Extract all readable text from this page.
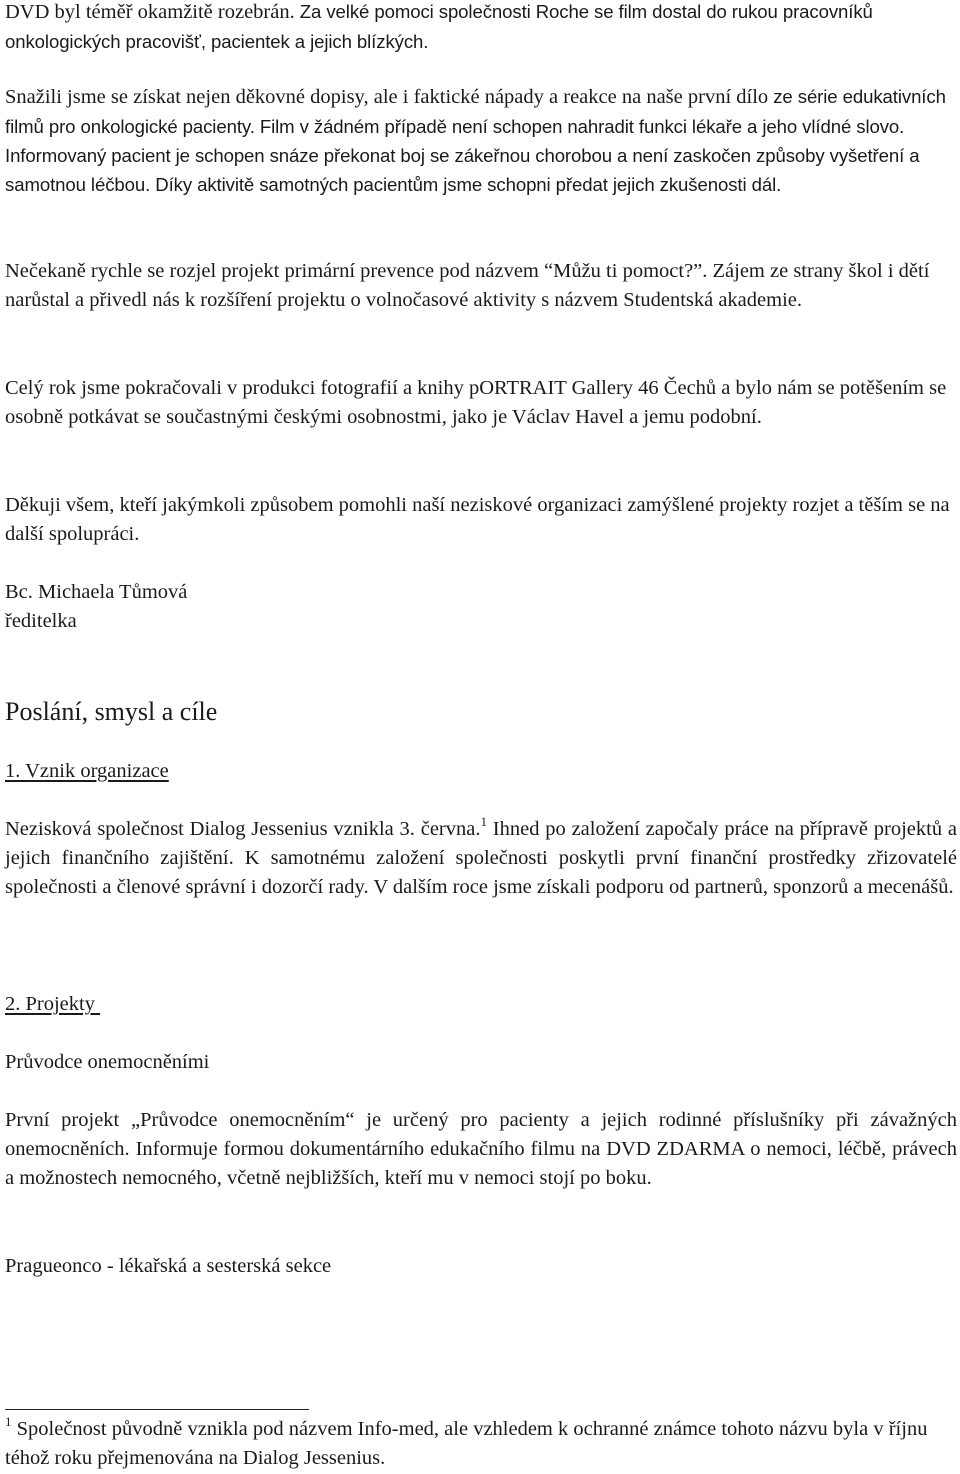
DVD byl téměř okamžitě rozebrán. Za velké pomoci společnosti Roche se film dostal do rukou pracovníků onkologických pracovišť, pacientek a jejich blízkých.

Snažili jsme se získat nejen děkovné dopisy, ale i faktické nápady a reakce na naše první dílo ze série edukativních filmů pro onkologické pacienty. Film v žádném případě není schopen nahradit funkci lékaře a jeho vlídné slovo. Informovaný pacient je schopen snáze překonat boj se zákeřnou chorobou a není zaskočen způsoby vyšetření a samotnou léčbou. Díky aktivitě samotných pacientům jsme schopni předat jejich zkušenosti dál.

Nečekaně rychle se rozjel projekt primární prevence pod názvem “Můžu ti pomoct?”. Zájem ze strany škol i dětí narůstal a přivedl nás k rozšíření projektu o volnočasové aktivity s názvem Studentská akademie.

Celý rok jsme pokračovali v produkci fotografií a knihy pORTRAIT Gallery 46 Čechů a bylo nám se potěšením se osobně potkávat se součastnými českými osobnostmi, jako je Václav Havel a jemu podobní.

Děkuji všem, kteří jakýmkoli způsobem pomohli naší neziskové organizaci zamýšlené projekty rozjet a těším se na další spolupráci.

Bc. Michaela Tůmová
ředitelka
Poslání, smysl a cíle
1. Vznik organizace

Nezisková společnost Dialog Jessenius vznikla 3. června.$^1$ Ihned po založení započaly práce na přípravě projektů a jejich finančního zajištění. K samotnému založení společnosti poskytli první finanční prostředky zřizovatelé společnosti a členové správní i dozorčí rady. V dalším roce jsme získali podporu od partnerů, sponzorů a mecenášů.

2. Projekty
Průvodce onemocněními

První projekt „Průvodce onemocněním“ je určený pro pacienty a jejich rodinné příslušníky při závažných onemocněních. Informuje formou dokumentárního edukačního filmu na DVD ZDARMA o nemoci, léčbě, právech a možnostech nemocného, včetně nejbližších, kteří mu v nemoci stojí po boku.

Pragueonco - lékařská a sesterská sekce

$^1$ Společnost původně vznikla pod názvem Info-med, ale vzhledem k ochranné známce tohoto názvu byla v říjnu téhož roku přejmenována na Dialog Jessenius.
